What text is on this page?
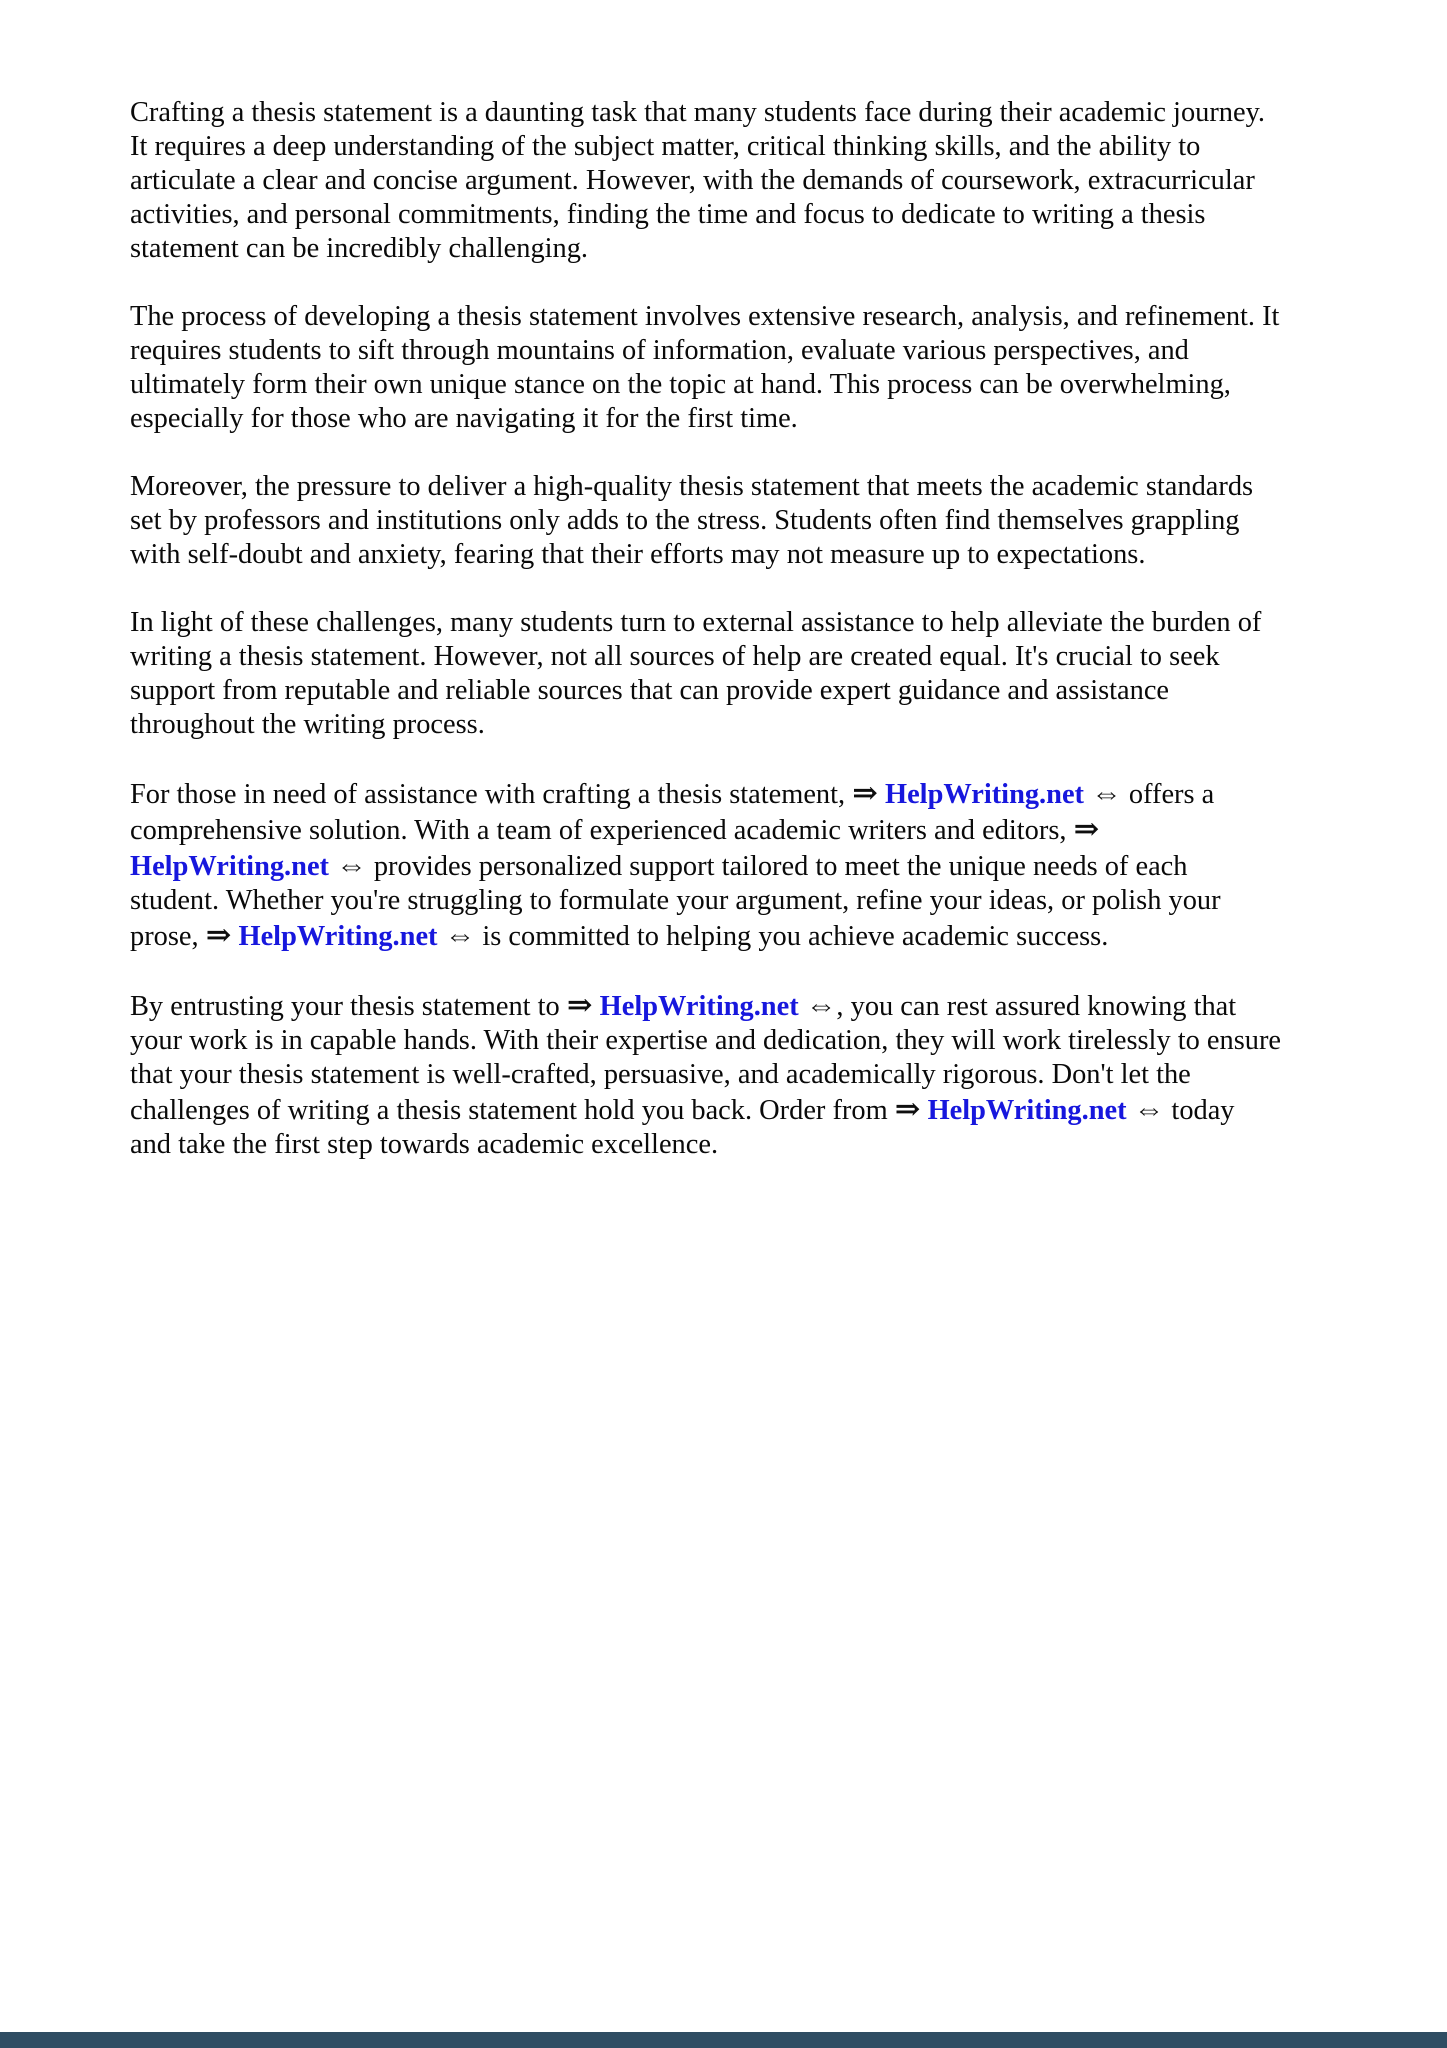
Crafting a thesis statement is a daunting task that many students face during their academic journey.
It requires a deep understanding of the subject matter, critical thinking skills, and the ability to
articulate a clear and concise argument. However, with the demands of coursework, extracurricular
activities, and personal commitments, finding the time and focus to dedicate to writing a thesis
statement can be incredibly challenging.
The process of developing a thesis statement involves extensive research, analysis, and refinement. It
requires students to sift through mountains of information, evaluate various perspectives, and
ultimately form their own unique stance on the topic at hand. This process can be overwhelming,
especially for those who are navigating it for the first time.
Moreover, the pressure to deliver a high-quality thesis statement that meets the academic standards
set by professors and institutions only adds to the stress. Students often find themselves grappling
with self-doubt and anxiety, fearing that their efforts may not measure up to expectations.
In light of these challenges, many students turn to external assistance to help alleviate the burden of
writing a thesis statement. However, not all sources of help are created equal. It's crucial to seek
support from reputable and reliable sources that can provide expert guidance and assistance
throughout the writing process.
For those in need of assistance with crafting a thesis statement, ⇒ HelpWriting.net ⇔ offers a
comprehensive solution. With a team of experienced academic writers and editors, ⇒
HelpWriting.net ⇔ provides personalized support tailored to meet the unique needs of each
student. Whether you're struggling to formulate your argument, refine your ideas, or polish your
prose, ⇒ HelpWriting.net ⇔ is committed to helping you achieve academic success.
By entrusting your thesis statement to ⇒ HelpWriting.net ⇔, you can rest assured knowing that
your work is in capable hands. With their expertise and dedication, they will work tirelessly to ensure
that your thesis statement is well-crafted, persuasive, and academically rigorous. Don't let the
challenges of writing a thesis statement hold you back. Order from ⇒ HelpWriting.net ⇔ today
and take the first step towards academic excellence.
